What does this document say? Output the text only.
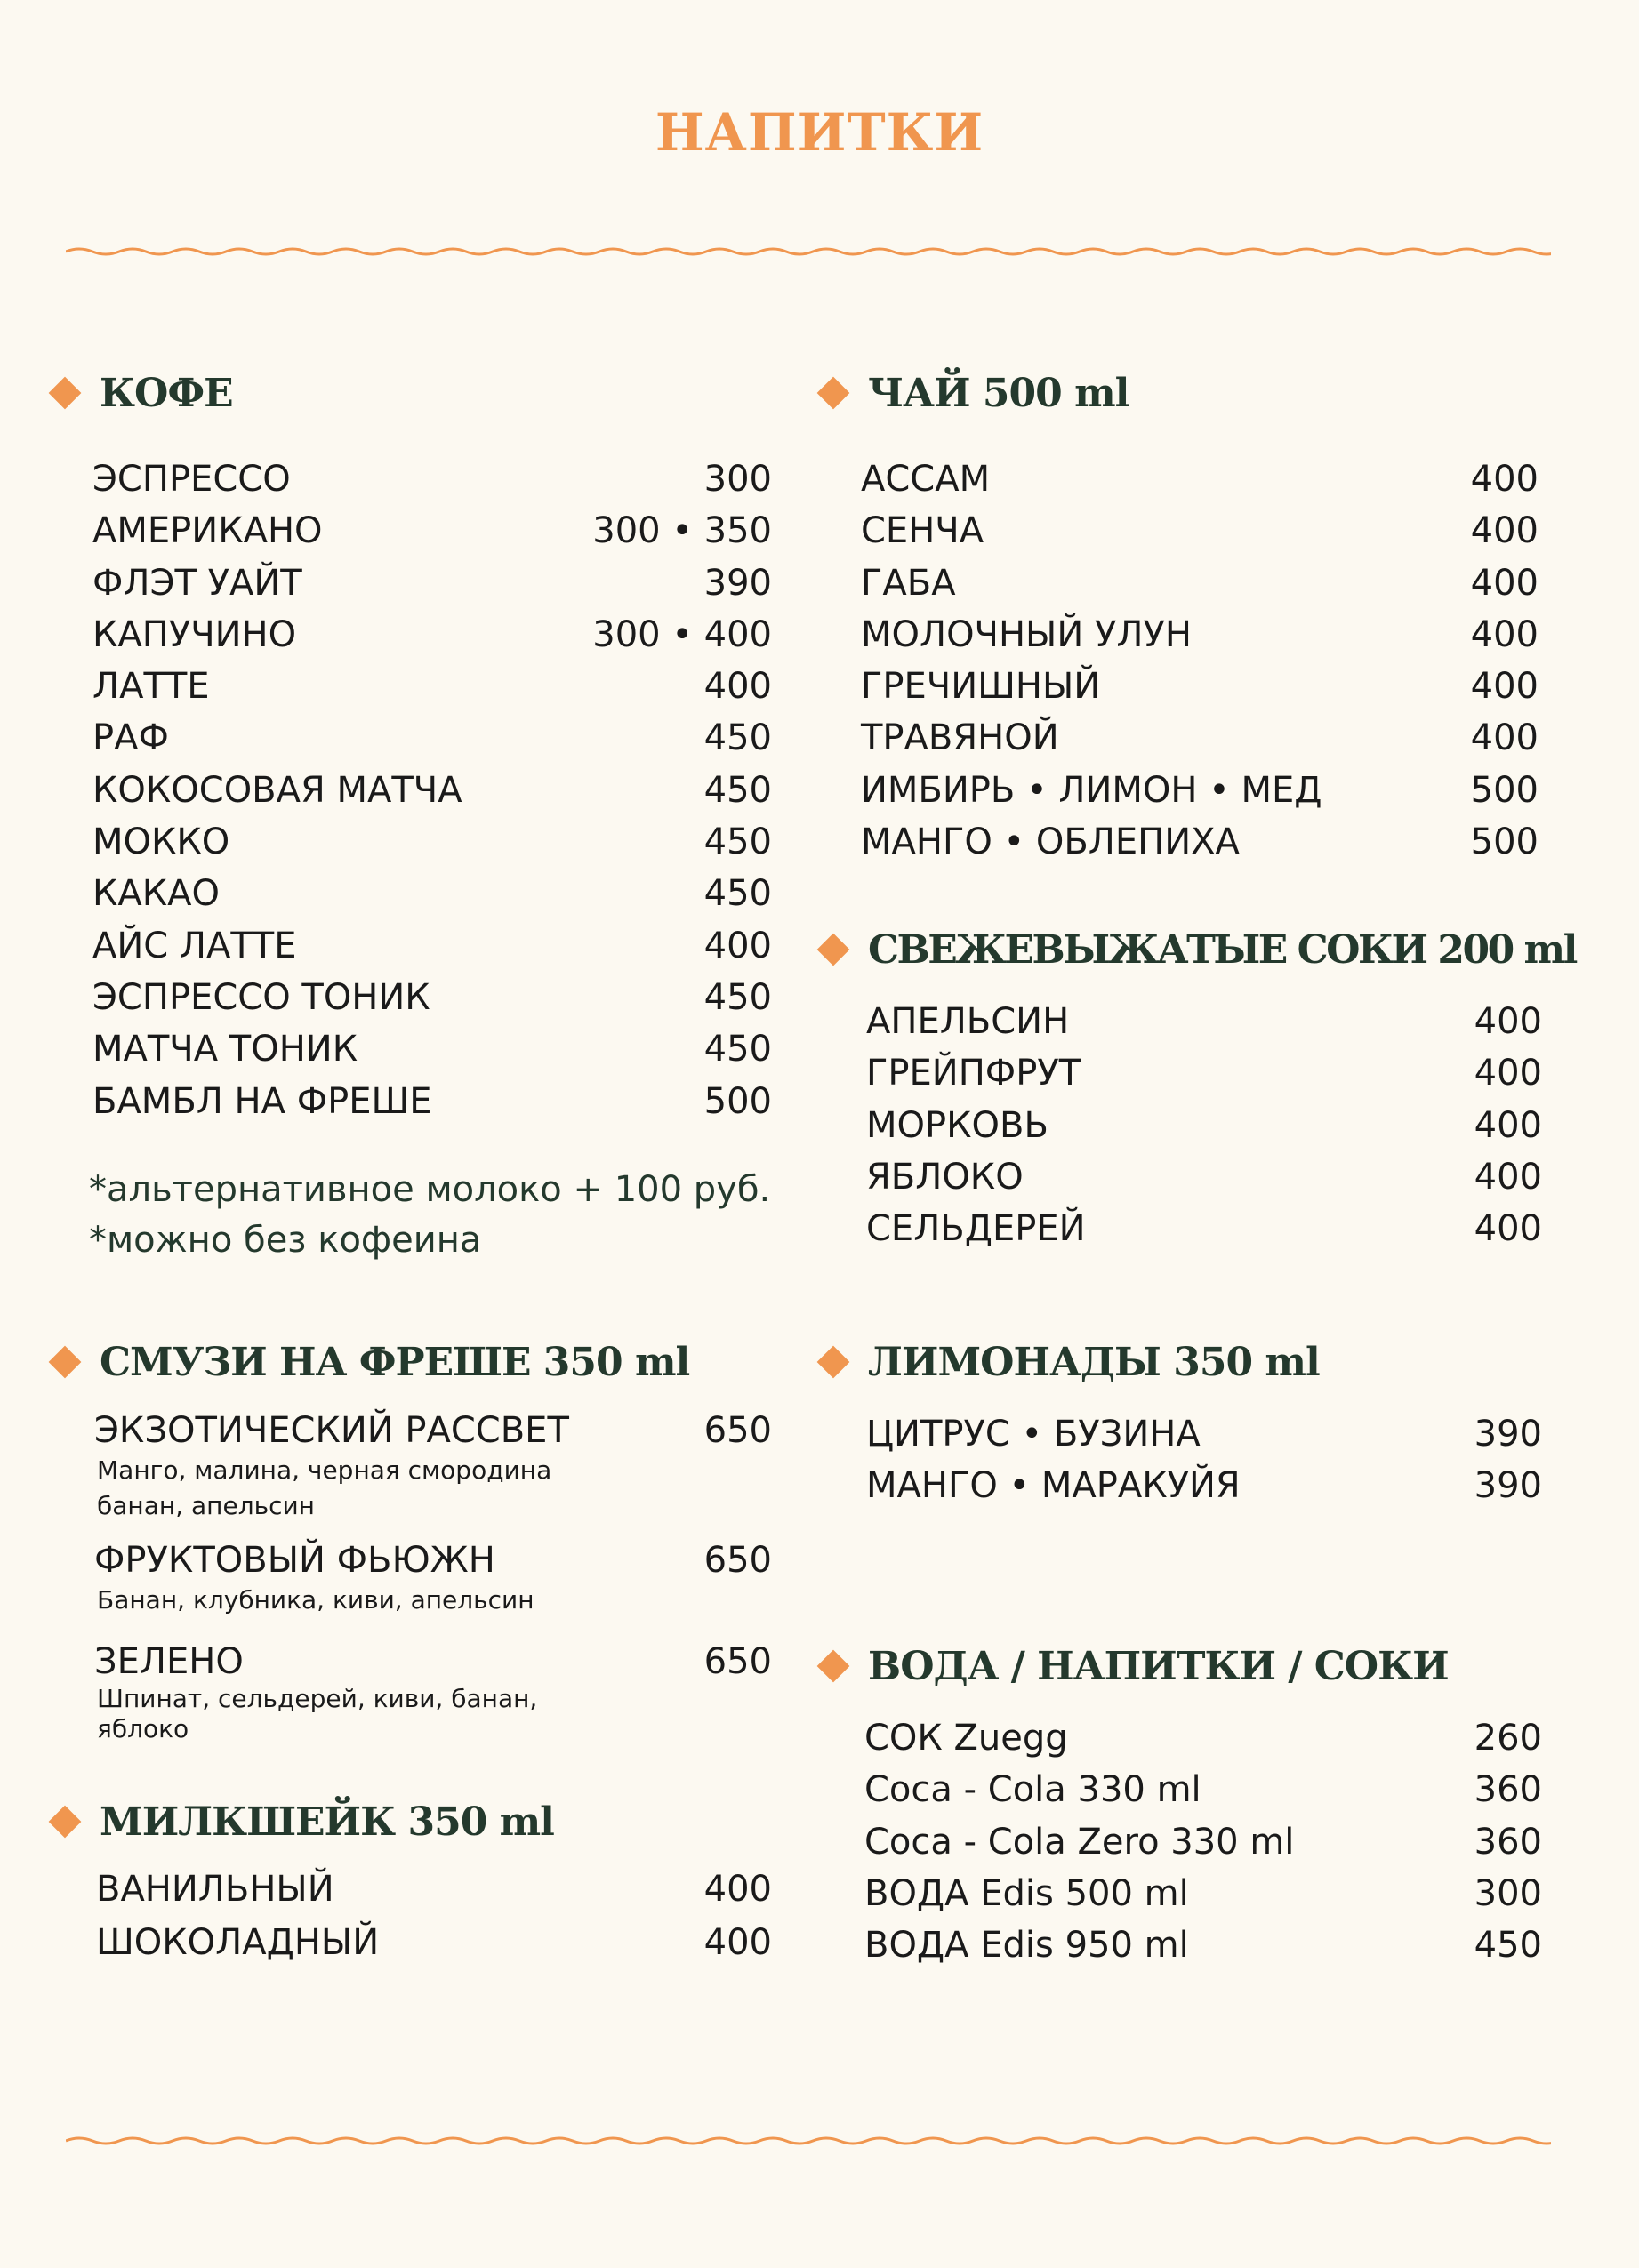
НАПИТКИ
КОФЕ
ЭСПРЕССО	300
АМЕРИКАНО	300 • 350
ФЛЭТ УАЙТ	390
КАПУЧИНО	300 • 400
ЛАТТЕ	400
РАФ	450
КОКОСОВАЯ МАТЧА	450
МОККО	450
КАКАО	450
АЙС ЛАТТЕ	400
ЭСПРЕССО ТОНИК	450
МАТЧА ТОНИК	450
БАМБЛ НА ФРЕШЕ	500
*альтернативное молоко + 100 руб.
*можно без кофеина
ЧАЙ 500 ml
АССАМ	400
СЕНЧА	400
ГАБА	400
МОЛОЧНЫЙ УЛУН	400
ГРЕЧИШНЫЙ	400
ТРАВЯНОЙ	400
ИМБИРЬ • ЛИМОН • МЕД	500
МАНГО • ОБЛЕПИХА	500
СВЕЖЕВЫЖАТЫЕ СОКИ 200 ml
АПЕЛЬСИН	400
ГРЕЙПФРУТ	400
МОРКОВЬ	400
ЯБЛОКО	400
СЕЛЬДЕРЕЙ	400
СМУЗИ НА ФРЕШЕ 350 ml
ЭКЗОТИЧЕСКИЙ РАССВЕТ	650
Манго, малина, черная смородина банан, апельсин
ФРУКТОВЫЙ ФЬЮЖН	650
Банан, клубника, киви, апельсин
ЗЕЛЕНО	650
Шпинат, сельдерей, киви, банан, яблоко
ЛИМОНАДЫ 350 ml
ЦИТРУС • БУЗИНА	390
МАНГО • МАРАКУЙЯ	390
МИЛКШЕЙК 350 ml
ВАНИЛЬНЫЙ	400
ШОКОЛАДНЫЙ	400
ВОДА / НАПИТКИ / СОКИ
СОК Zuegg	260
Coca - Cola 330 ml	360
Coca - Cola Zero 330 ml	360
ВОДА Edis 500 ml	300
ВОДА Edis 950 ml	450
